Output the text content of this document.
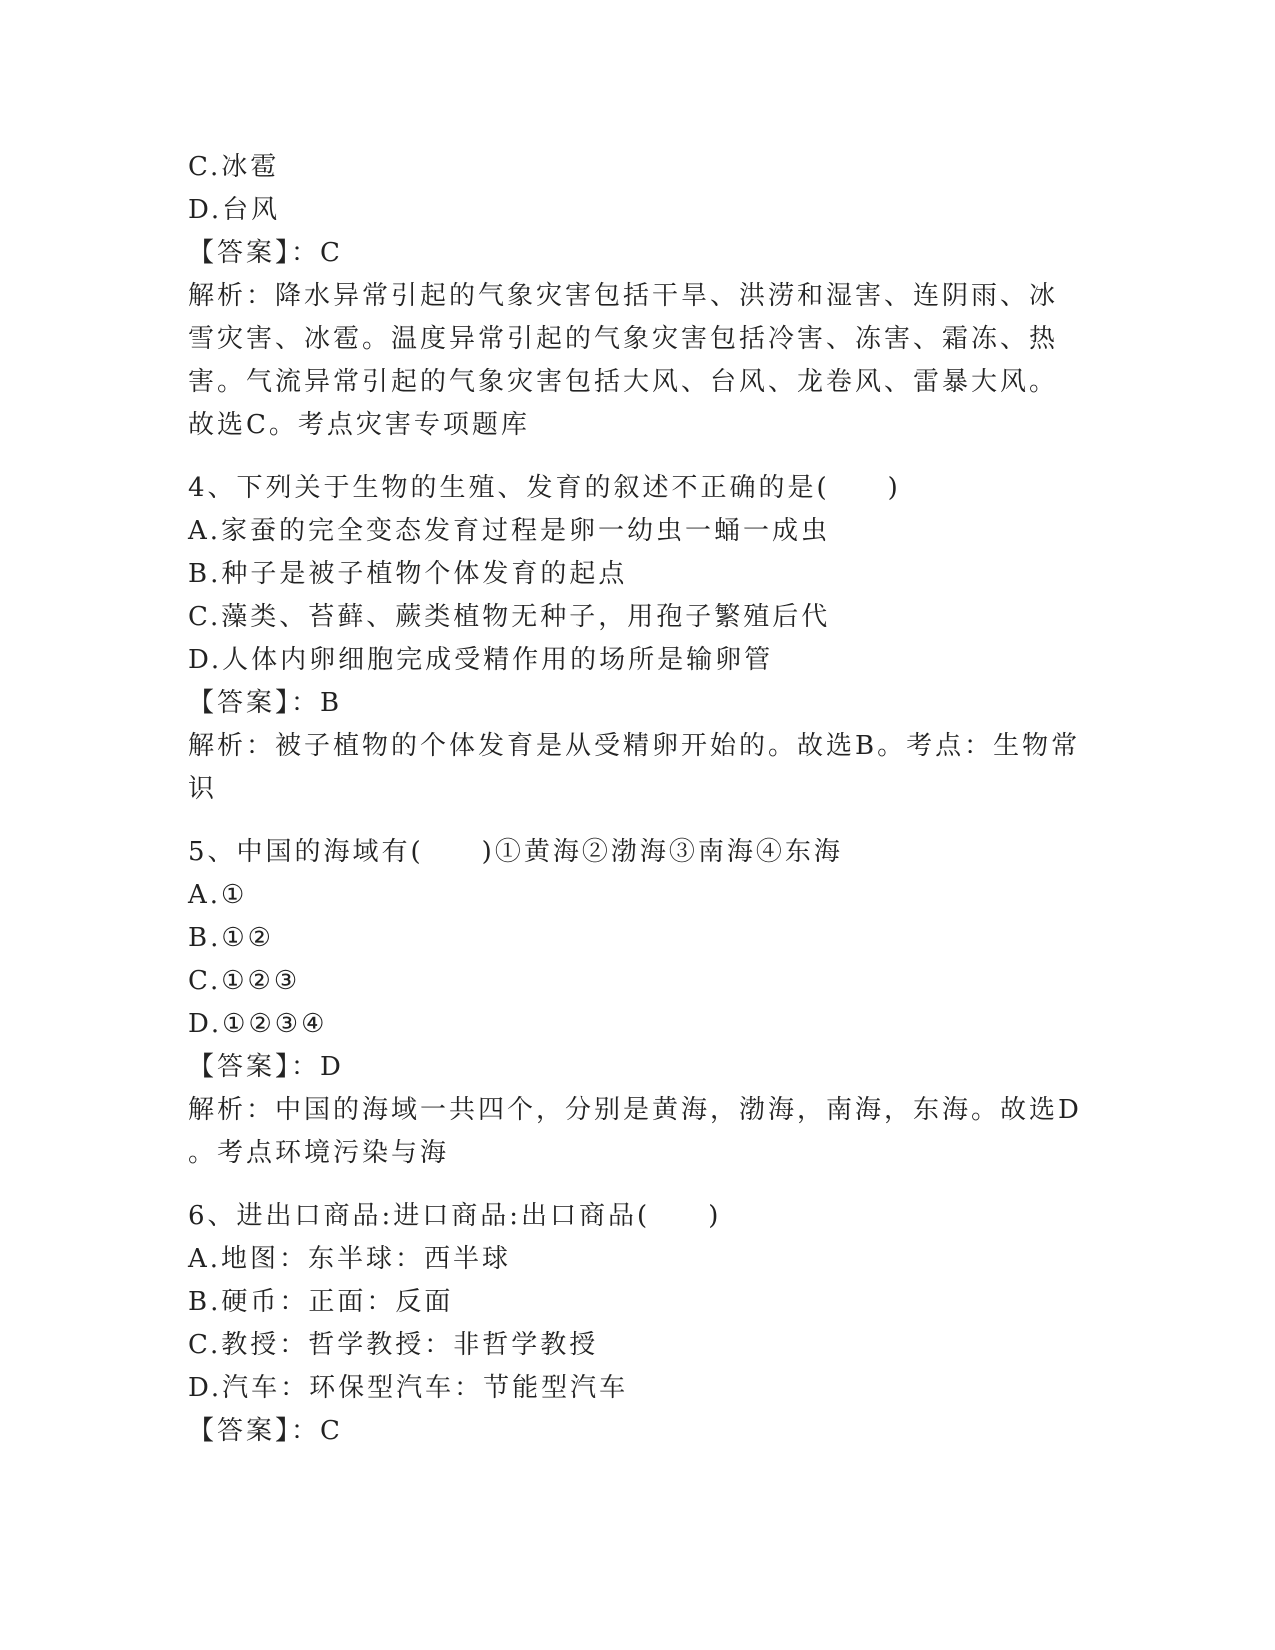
C.冰雹
D.台风
【答案】：C
解析：降水异常引起的气象灾害包括干旱、洪涝和湿害、连阴雨、冰
雪灾害、冰雹。温度异常引起的气象灾害包括冷害、冻害、霜冻、热
害。气流异常引起的气象灾害包括大风、台风、龙卷风、雷暴大风。
故选C。考点灾害专项题库
4、下列关于生物的生殖、发育的叙述不正确的是(　　)
A.家蚕的完全变态发育过程是卵一幼虫一蛹一成虫
B.种子是被子植物个体发育的起点
C.藻类、苔藓、蕨类植物无种子，用孢子繁殖后代
D.人体内卵细胞完成受精作用的场所是输卵管
【答案】：B
解析：被子植物的个体发育是从受精卵开始的。故选B。考点：生物常
识
5、中国的海域有(　　)①黄海②渤海③南海④东海
A.①
B.①②
C.①②③
D.①②③④
【答案】：D
解析：中国的海域一共四个，分别是黄海，渤海，南海，东海。故选D
。考点环境污染与海
6、进出口商品:进口商品:出口商品(　　)
A.地图：东半球：西半球
B.硬币：正面：反面
C.教授：哲学教授：非哲学教授
D.汽车：环保型汽车：节能型汽车
【答案】：C
